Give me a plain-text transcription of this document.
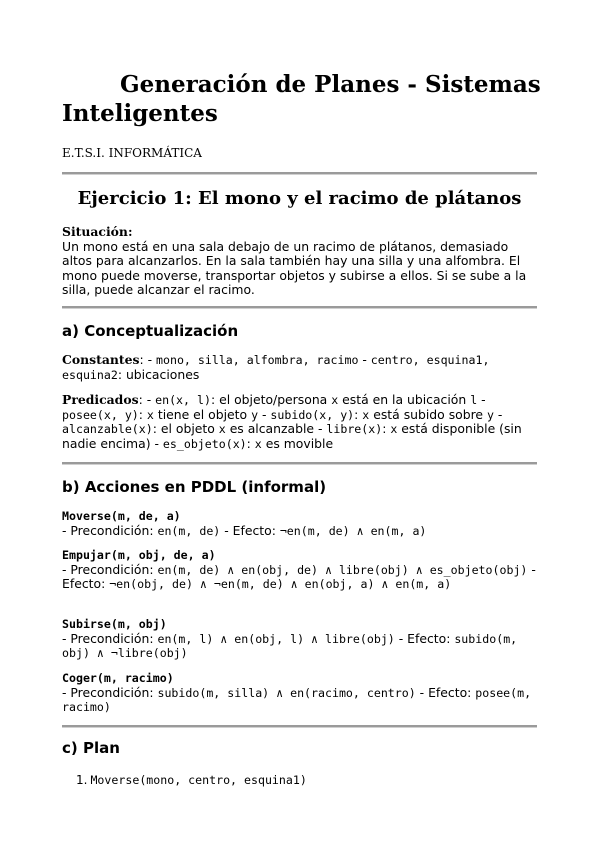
Generación de Planes - Sistemas Inteligentes
E.T.S.I. INFORMÁTICA
Ejercicio 1: El mono y el racimo de plátanos
Situación:
Un mono está en una sala debajo de un racimo de plátanos, demasiado altos para alcanzarlos. En la sala también hay una silla y una alfombra. El mono puede moverse, transportar objetos y subirse a ellos. Si se sube a la silla, puede alcanzar el racimo.
a) Conceptualización
Constantes: - mono, silla, alfombra, racimo - centro, esquina1, esquina2: ubicaciones
Predicados: - en(x, l): el objeto/persona x está en la ubicación l - posee(x, y): x tiene el objeto y - subido(x, y): x está subido sobre y - alcanzable(x): el objeto x es alcanzable - libre(x): x está disponible (sin nadie encima) - es_objeto(x): x es movible
b) Acciones en PDDL (informal)
Moverse(m, de, a)
- Precondición: en(m, de) - Efecto: ¬en(m, de) ∧ en(m, a)
Empujar(m, obj, de, a)
- Precondición: en(m, de) ∧ en(obj, de) ∧ libre(obj) ∧ es_objeto(obj) - Efecto: ¬en(obj, de) ∧ ¬en(m, de) ∧ en(obj, a) ∧ en(m, a)
Subirse(m, obj)
- Precondición: en(m, l) ∧ en(obj, l) ∧ libre(obj) - Efecto: subido(m, obj) ∧ ¬libre(obj)
Coger(m, racimo)
- Precondición: subido(m, silla) ∧ en(racimo, centro) - Efecto: posee(m, racimo)
c) Plan
1. Moverse(mono, centro, esquina1)
